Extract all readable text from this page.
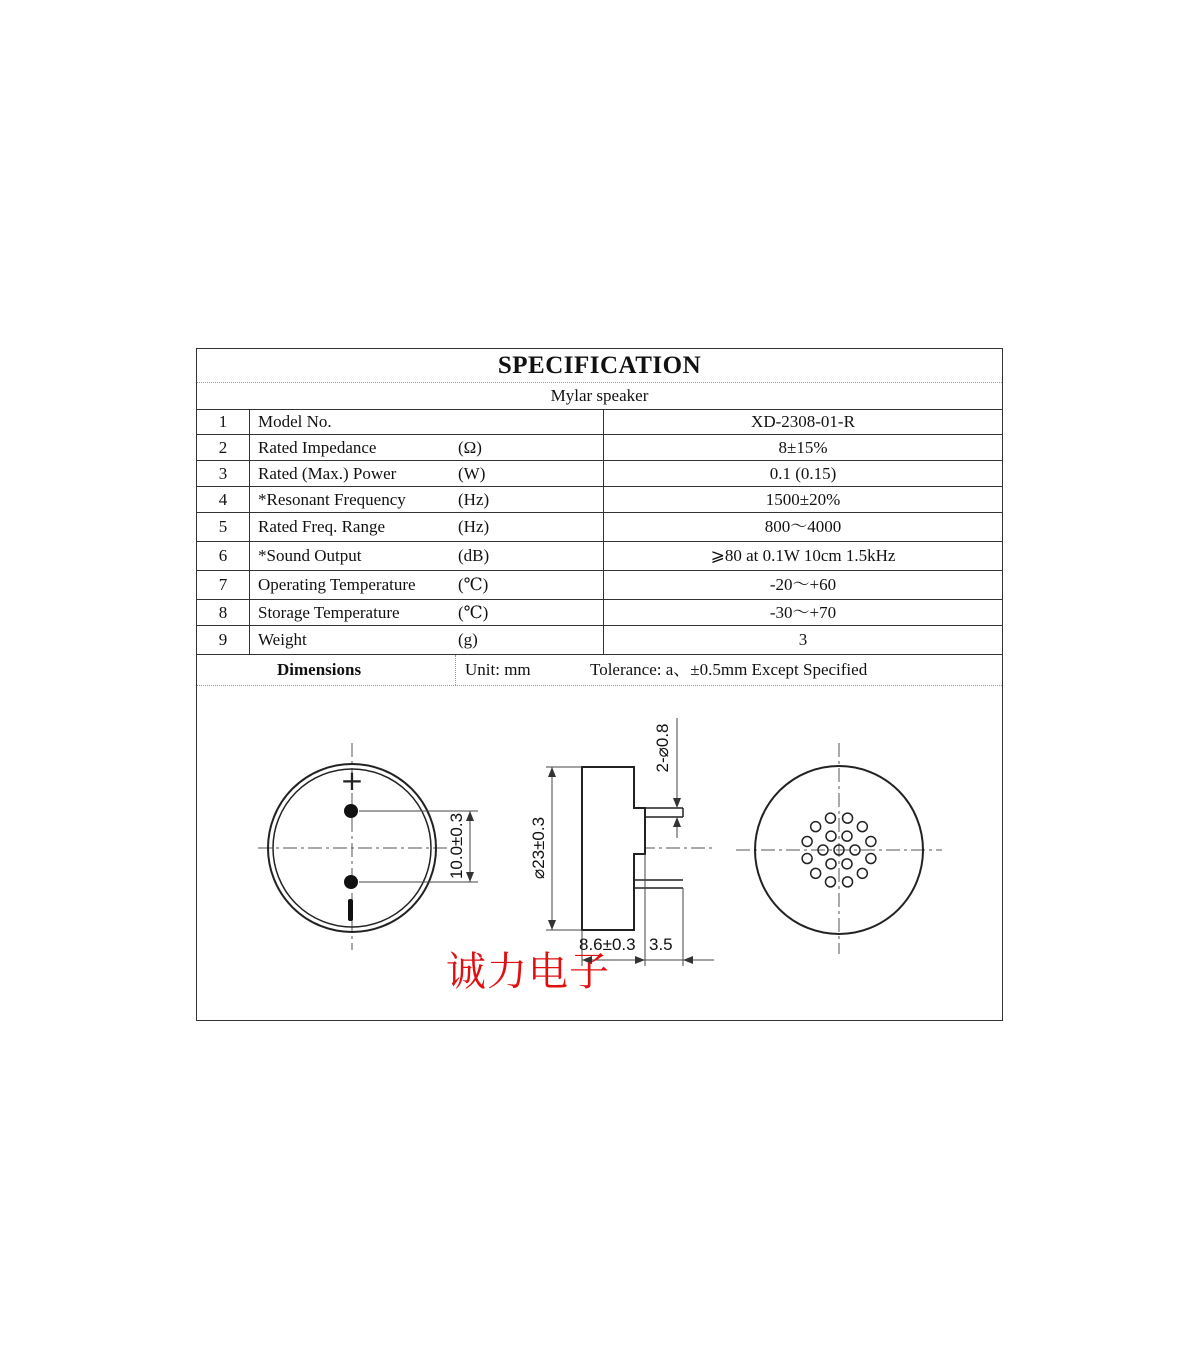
SPECIFICATION
Mylar speaker
1	Model No.		XD-2308-01-R
2	Rated Impedance	(Ω)	8±15%
3	Rated (Max.) Power	(W)	0.1 (0.15)
4	*Resonant Frequency	(Hz)	1500±20%
5	Rated Freq. Range	(Hz)	800～4000
6	*Sound Output	(dB)	⩾80 at 0.1W 10cm 1.5kHz
7	Operating Temperature	(℃)	-20～+60
8	Storage Temperature	(℃)	-30～+70
9	Weight	(g)	3
Dimensions	Unit: mm	Tolerance: a、±0.5mm Except Specified
+
10.0±0.3	⌀23±0.3
2-⌀0.8
8.6±0.3 3.5
诚力电子
